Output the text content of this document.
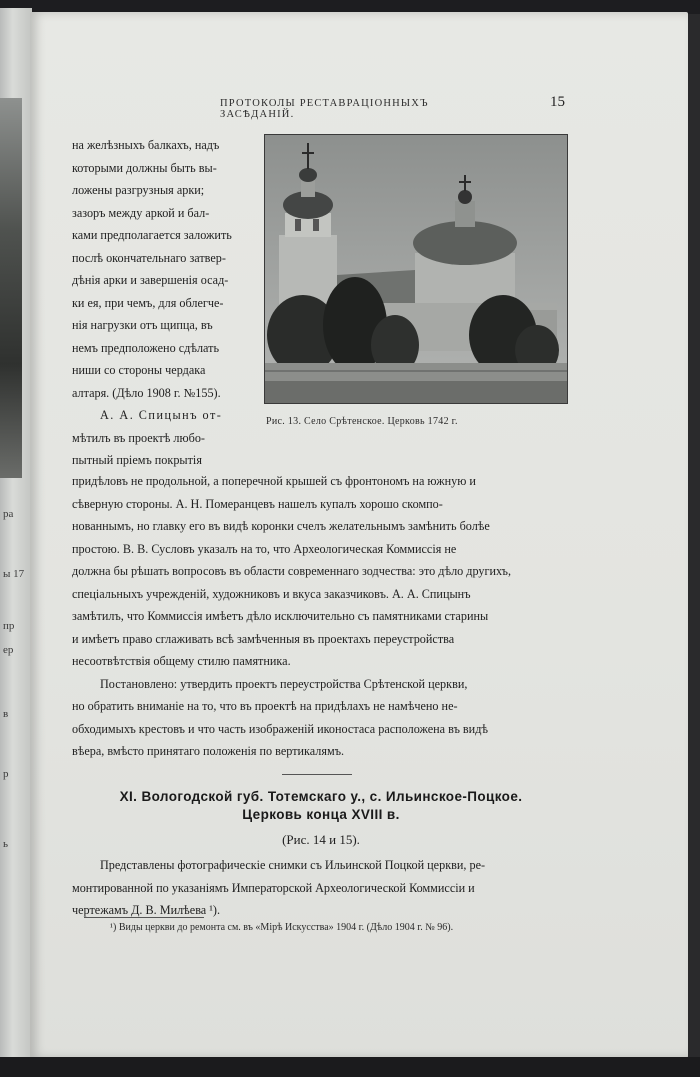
ра
ы 17
пр
ер
в
р
ь
ПРОТОКОЛЫ РЕСТАВРАЦІОННЫХЪ ЗАСѢДАНІЙ.
15
Рис. 13. Село Срѣтенское. Церковь 1742 г.
на желѣзныхъ балкахъ, надъ
которыми должны быть вы-
ложены разгрузныя арки;
зазоръ между аркой и бал-
ками предполагается заложить
послѣ окончательнаго затвер-
дѣнія арки и завершенія осад-
ки ея, при чемъ, для облегче-
нія нагрузки отъ щипца, въ
немъ предположено сдѣлать
ниши со стороны чердака
алтаря. (Дѣло 1908 г. №155).
А. А. Спицынъ от-
мѣтилъ въ проектѣ любо-
пытный пріемъ покрытія
придѣловъ не продольной, а поперечной крышей съ фронтономъ на южную и
сѣверную стороны. А. Н. Померанцевъ нашелъ купалъ хорошо скомпо-
нованнымъ, но главку его въ видѣ коронки счелъ желательнымъ замѣнить болѣе
простою. В. В. Сусловъ указалъ на то, что Археологическая Коммиссія не
должна бы рѣшать вопросовъ въ области современнаго зодчества: это дѣло другихъ,
спеціальныхъ учрежденій, художниковъ и вкуса заказчиковъ. А. А. Спицынъ
замѣтилъ, что Коммиссія имѣетъ дѣло исключительно съ памятниками старины
и имѣетъ право сглаживать всѣ замѣченныя въ проектахъ переустройства
несоотвѣтствія общему стилю памятника.
Постановлено: утвердить проектъ переустройства Срѣтенской церкви,
но обратить вниманіе на то, что въ проектѣ на придѣлахъ не намѣчено не-
обходимыхъ крестовъ и что часть изображеній иконостаса расположена въ видѣ
вѣера, вмѣсто принятаго положенія по вертикалямъ.
XI. Вологодской губ. Тотемскаго у., с. Ильинское-Поцкое.
Церковь конца XVIII в.
(Рис. 14 и 15).
Представлены фотографическіе снимки съ Ильинской Поцкой церкви, ре-
монтированной по указаніямъ Императорской Археологической Коммиссіи и
чертежамъ Д. В. Милѣева ¹).
¹) Виды церкви до ремонта см. въ «Мірѣ Искусства» 1904 г. (Дѣло 1904 г. № 96).
